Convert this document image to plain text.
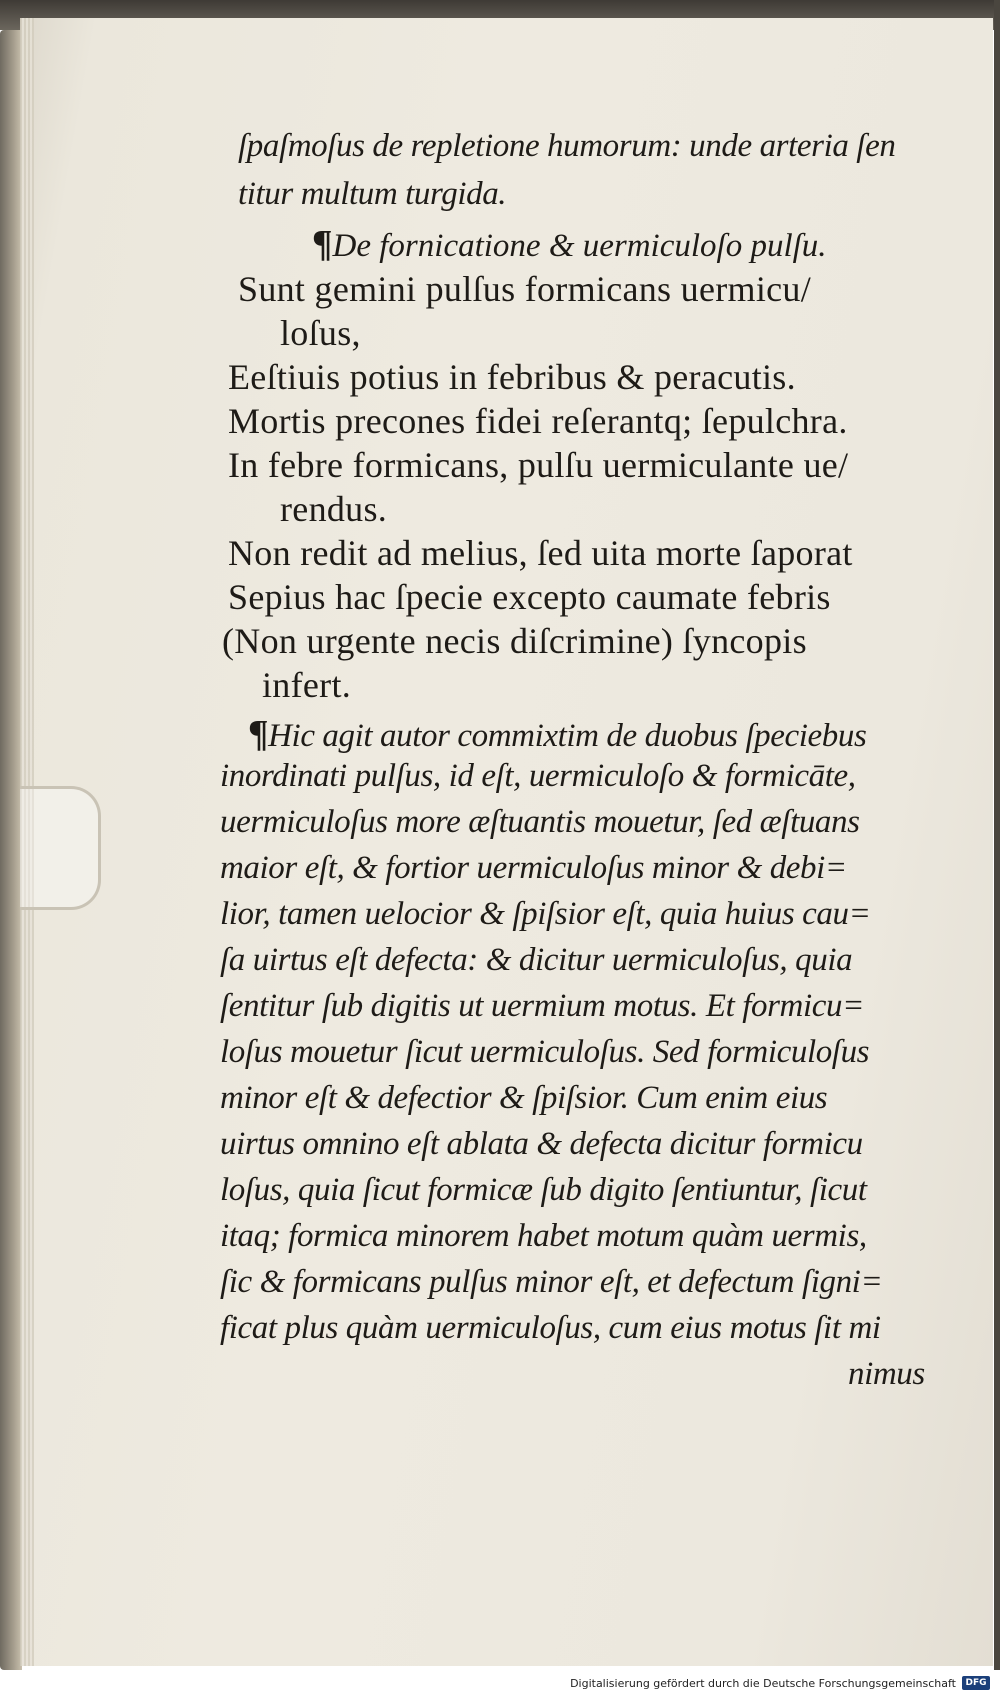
ſpaſmoſus de repletione humorum: unde arteria ſen
titur multum turgida.
¶De fornicatione & uermiculoſo pulſu.
Sunt gemini pulſus formicans uermicu/
loſus,
Eeſtiuis potius in febribus & peracutis.
Mortis precones fidei reſerantq; ſepulchra.
In febre formicans, pulſu uermiculante ue/
rendus.
Non redit ad melius, ſed uita morte ſaporat
Sepius hac ſpecie excepto caumate febris
(Non urgente necis diſcrimine) ſyncopis
infert.
¶Hic agit autor commixtim de duobus ſpeciebus
inordinati pulſus, id eſt, uermiculoſo & formicāte,
uermiculoſus more æſtuantis mouetur, ſed æſtuans
maior eſt, & fortior uermiculoſus minor & debi=
lior, tamen uelocior & ſpiſsior eſt, quia huius cau=
ſa uirtus eſt defecta: & dicitur uermiculoſus, quia
ſentitur ſub digitis ut uermium motus. Et formicu=
loſus mouetur ſicut uermiculoſus. Sed formiculoſus
minor eſt & defectior & ſpiſsior. Cum enim eius
uirtus omnino eſt ablata & defecta dicitur formicu
loſus, quia ſicut formicæ ſub digito ſentiuntur, ſicut
itaq; formica minorem habet motum quàm uermis,
ſic & formicans pulſus minor eſt, et defectum ſigni=
ficat plus quàm uermiculoſus, cum eius motus ſit mi
nimus
Digitalisierung gefördert durch die Deutsche Forschungsgemeinschaft	DFG
